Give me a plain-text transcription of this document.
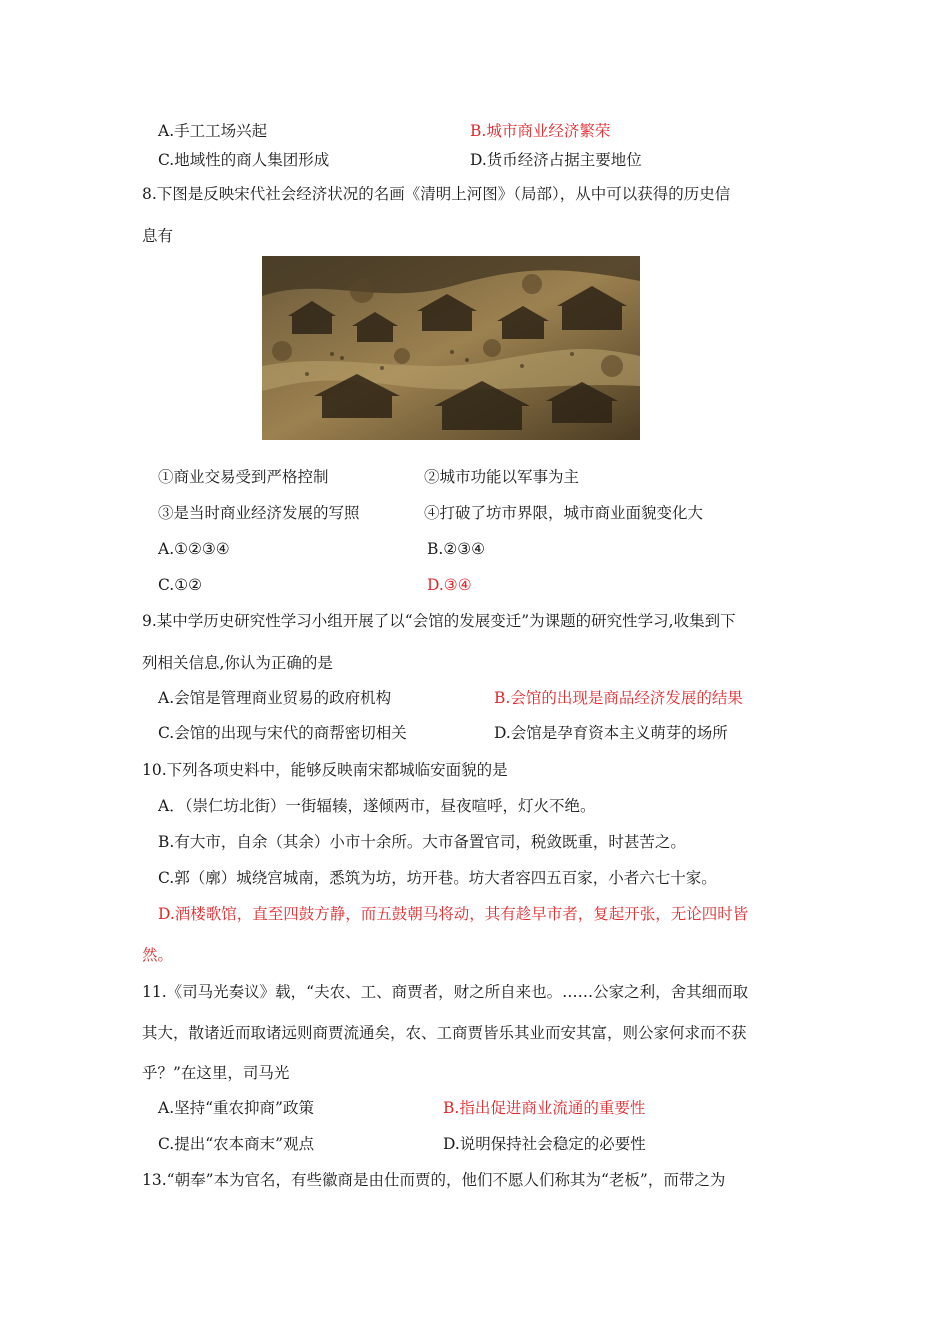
A.手工工场兴起	B.城市商业经济繁荣
C.地域性的商人集团形成	D.货币经济占据主要地位
8.下图是反映宋代社会经济状况的名画《清明上河图》（局部），从中可以获得的历史信
息有
①商业交易受到严格控制	②城市功能以军事为主
③是当时商业经济发展的写照	④打破了坊市界限，城市商业面貌变化大
A.①②③④	B.②③④
C.①②	D.③④
9.某中学历史研究性学习小组开展了以“会馆的发展变迁”为课题的研究性学习,收集到下
列相关信息,你认为正确的是
A.会馆是管理商业贸易的政府机构	B.会馆的出现是商品经济发展的结果
C.会馆的出现与宋代的商帮密切相关	D.会馆是孕育资本主义萌芽的场所
10.下列各项史料中，能够反映南宋都城临安面貌的是
A．（崇仁坊北街）一街辐辏，遂倾两市，昼夜喧呼，灯火不绝。
B.有大市，自余（其余）小市十余所。大市备置官司，税敛既重，时甚苦之。
C.郭（廓）城绕宫城南，悉筑为坊，坊开巷。坊大者容四五百家，小者六七十家。
D.酒楼歌馆，直至四鼓方静，而五鼓朝马将动，其有趁早市者，复起开张，无论四时皆
然。
11.《司马光奏议》载，“夫农、工、商贾者，财之所自来也。……公家之利，舍其细而取
其大，散诸近而取诸远则商贾流通矣，农、工商贾皆乐其业而安其富，则公家何求而不获
乎？”在这里，司马光
A.坚持“重农抑商”政策	B.指出促进商业流通的重要性
C.提出“农本商末”观点	D.说明保持社会稳定的必要性
13.“朝奉”本为官名，有些徽商是由仕而贾的，他们不愿人们称其为“老板”，而带之为
